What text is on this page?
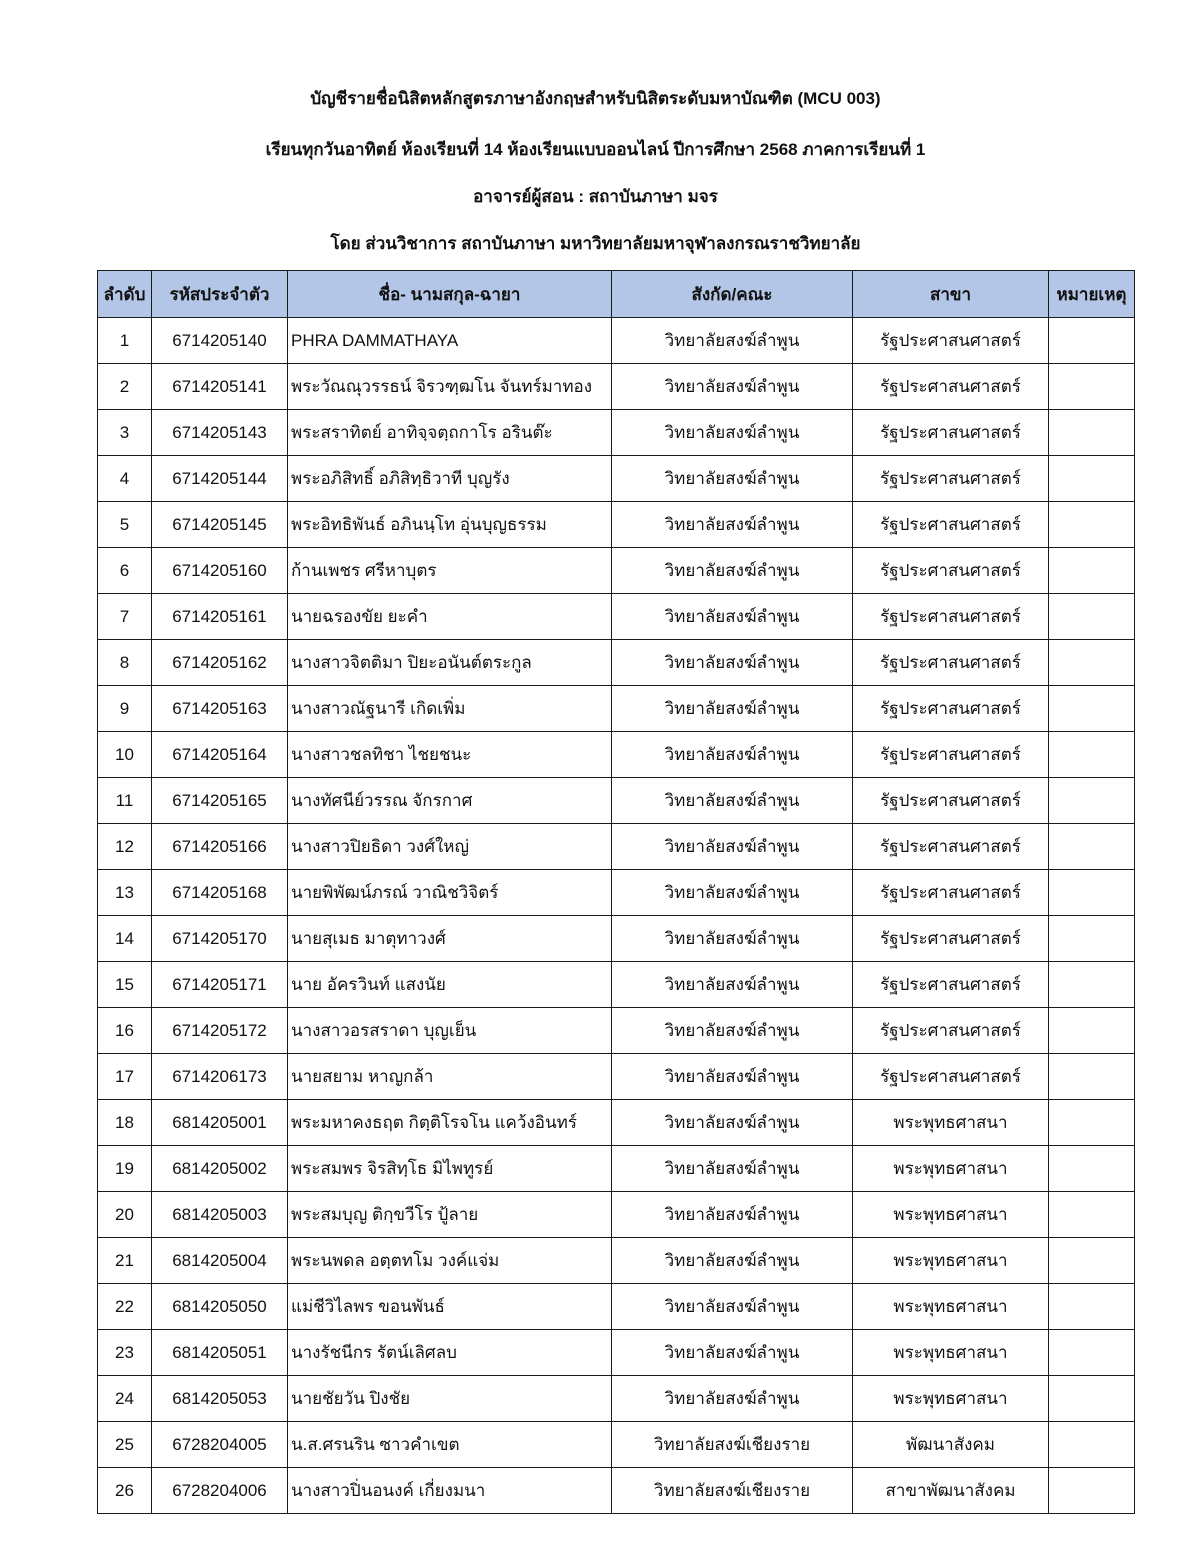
บัญชีรายชื่อนิสิตหลักสูตรภาษาอังกฤษสำหรับนิสิตระดับมหาบัณฑิต (MCU 003)
เรียนทุกวันอาทิตย์ ห้องเรียนที่ 14 ห้องเรียนแบบออนไลน์ ปีการศึกษา 2568 ภาคการเรียนที่ 1
อาจารย์ผู้สอน : สถาบันภาษา มจร
โดย ส่วนวิชาการ สถาบันภาษา มหาวิทยาลัยมหาจุฬาลงกรณราชวิทยาลัย
ลำดับ	รหัสประจำตัว	ชื่อ- นามสกุล-ฉายา	สังกัด/คณะ	สาขา	หมายเหตุ
1	6714205140	PHRA DAMMATHAYA	วิทยาลัยสงฆ์ลำพูน	รัฐประศาสนศาสตร์	
2	6714205141	พระวัณณุวรรธน์ จิรวฑฺฒโน จันทร์มาทอง	วิทยาลัยสงฆ์ลำพูน	รัฐประศาสนศาสตร์	
3	6714205143	พระสราทิตย์ อาทิจฺจตฺถกาโร อรินต๊ะ	วิทยาลัยสงฆ์ลำพูน	รัฐประศาสนศาสตร์	
4	6714205144	พระอภิสิทธิ์ อภิสิทฺธิวาที บุญรัง	วิทยาลัยสงฆ์ลำพูน	รัฐประศาสนศาสตร์	
5	6714205145	พระอิทธิพันธ์ อภินนฺโท อุ่นบุญธรรม	วิทยาลัยสงฆ์ลำพูน	รัฐประศาสนศาสตร์	
6	6714205160	ก้านเพชร ศรีหาบุตร	วิทยาลัยสงฆ์ลำพูน	รัฐประศาสนศาสตร์	
7	6714205161	นายฉรองขัย ยะคำ	วิทยาลัยสงฆ์ลำพูน	รัฐประศาสนศาสตร์	
8	6714205162	นางสาวจิตติมา ปิยะอนันต์ตระกูล	วิทยาลัยสงฆ์ลำพูน	รัฐประศาสนศาสตร์	
9	6714205163	นางสาวณัฐนารี เกิดเพิ่ม	วิทยาลัยสงฆ์ลำพูน	รัฐประศาสนศาสตร์	
10	6714205164	นางสาวชลทิชา ไชยชนะ	วิทยาลัยสงฆ์ลำพูน	รัฐประศาสนศาสตร์	
11	6714205165	นางทัศนีย์วรรณ จักรกาศ	วิทยาลัยสงฆ์ลำพูน	รัฐประศาสนศาสตร์	
12	6714205166	นางสาวปิยธิดา วงศ์ใหญ่	วิทยาลัยสงฆ์ลำพูน	รัฐประศาสนศาสตร์	
13	6714205168	นายพิพัฒน์ภรณ์ วาณิชวิจิตร์	วิทยาลัยสงฆ์ลำพูน	รัฐประศาสนศาสตร์	
14	6714205170	นายสุเมธ มาตุทาวงศ์	วิทยาลัยสงฆ์ลำพูน	รัฐประศาสนศาสตร์	
15	6714205171	นาย อัครวินท์ แสงนัย	วิทยาลัยสงฆ์ลำพูน	รัฐประศาสนศาสตร์	
16	6714205172	นางสาวอรสราดา บุญเย็น	วิทยาลัยสงฆ์ลำพูน	รัฐประศาสนศาสตร์	
17	6714206173	นายสยาม หาญกล้า	วิทยาลัยสงฆ์ลำพูน	รัฐประศาสนศาสตร์	
18	6814205001	พระมหาคงธฤต กิตฺติโรจโน แคว้งอินทร์	วิทยาลัยสงฆ์ลำพูน	พระพุทธศาสนา	
19	6814205002	พระสมพร จิรสิทฺโธ มิไพทูรย์	วิทยาลัยสงฆ์ลำพูน	พระพุทธศาสนา	
20	6814205003	พระสมบุญ ติกฺขวีโร ปู้ลาย	วิทยาลัยสงฆ์ลำพูน	พระพุทธศาสนา	
21	6814205004	พระนพดล อตฺตทโม วงค์แจ่ม	วิทยาลัยสงฆ์ลำพูน	พระพุทธศาสนา	
22	6814205050	แม่ชีวิไลพร ขอนพันธ์	วิทยาลัยสงฆ์ลำพูน	พระพุทธศาสนา	
23	6814205051	นางรัชนีกร รัตน์เลิศลบ	วิทยาลัยสงฆ์ลำพูน	พระพุทธศาสนา	
24	6814205053	นายชัยวัน ปิงชัย	วิทยาลัยสงฆ์ลำพูน	พระพุทธศาสนา	
25	6728204005	น.ส.ศรนริน ซาวคำเขต	วิทยาลัยสงฆ์เชียงราย	พัฒนาสังคม	
26	6728204006	นางสาวปิ่นอนงค์ เกี่ยงมนา	วิทยาลัยสงฆ์เชียงราย	สาขาพัฒนาสังคม	
